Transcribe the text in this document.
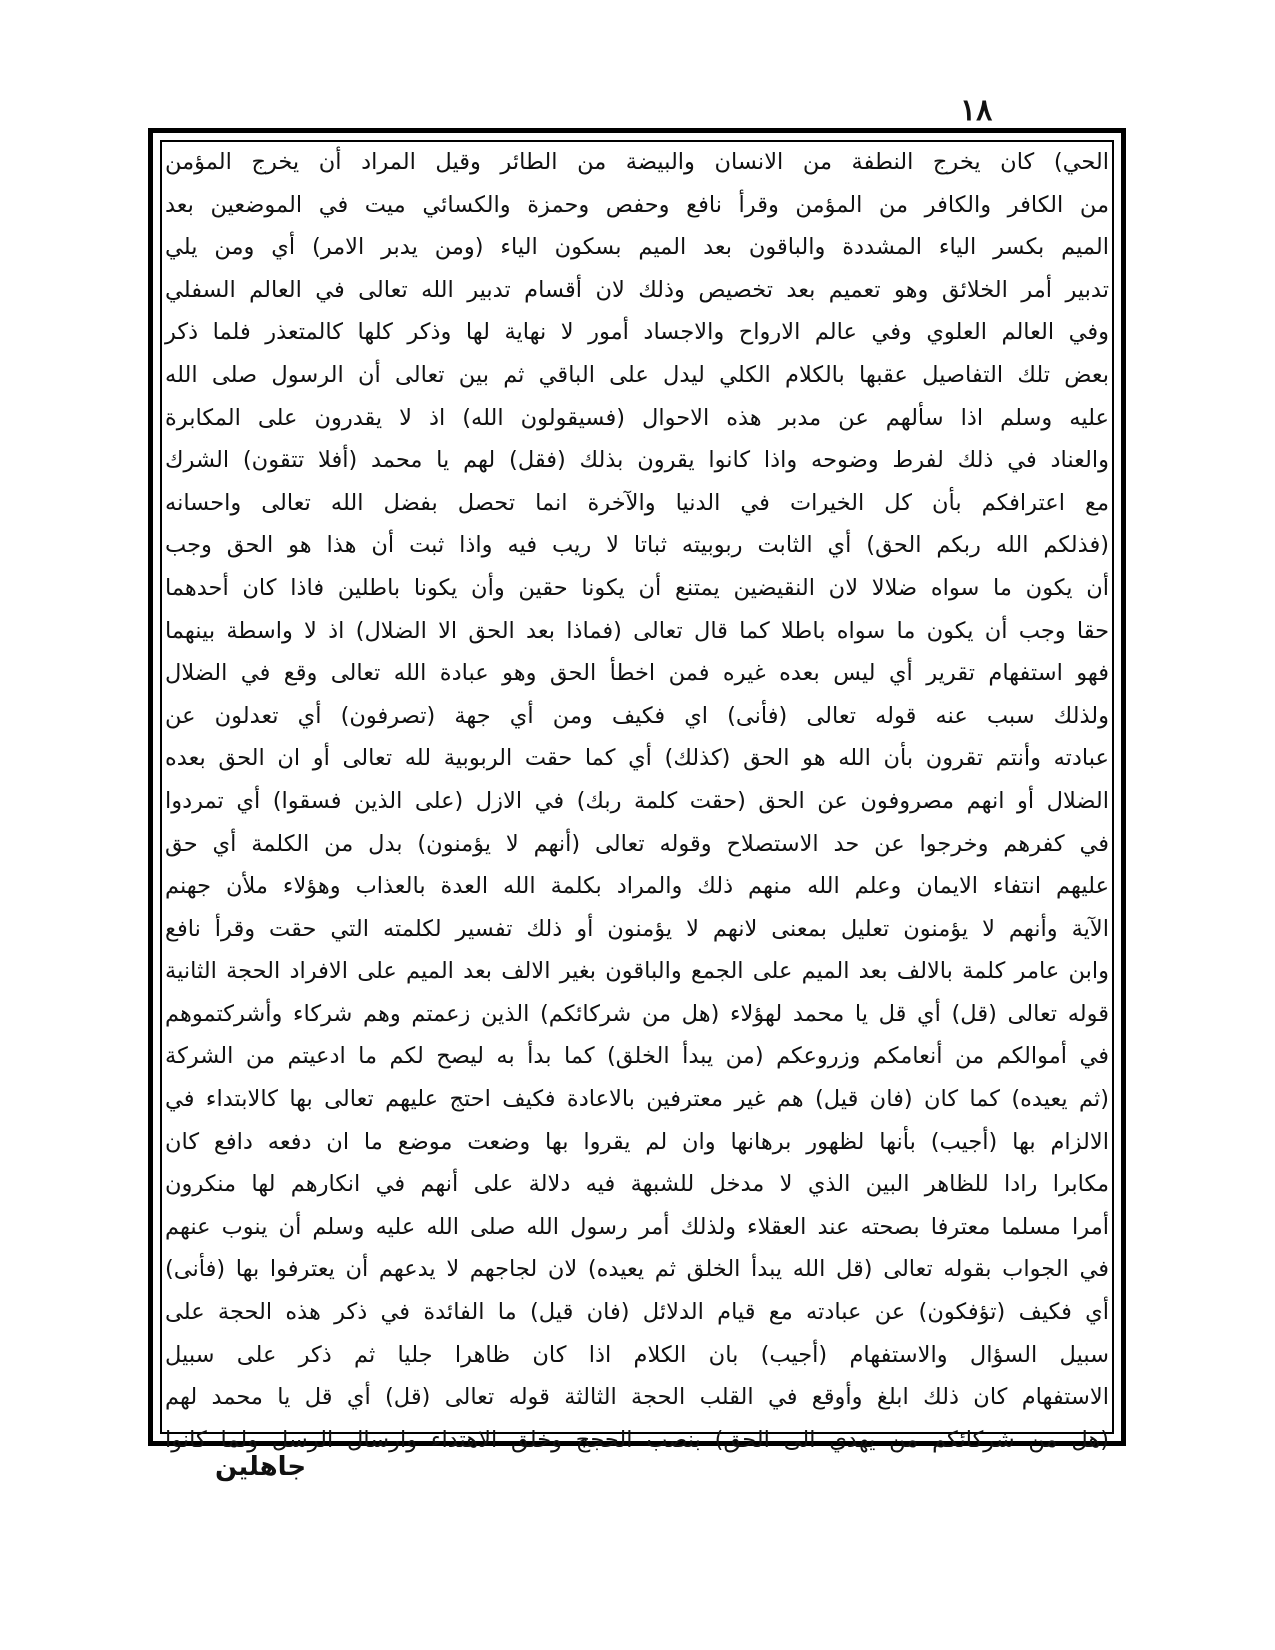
١٨
الحي) كان يخرج النطفة من الانسان والبيضة من الطائر وقيل المراد أن يخرج المؤمن
من الكافر والكافر من المؤمن وقرأ نافع وحفص وحمزة والكسائي ميت في الموضعين بعد
الميم بكسر الياء المشددة والباقون بعد الميم بسكون الياء (ومن يدبر الامر) أي ومن يلي
تدبير أمر الخلائق وهو تعميم بعد تخصيص وذلك لان أقسام تدبير الله تعالى في العالم السفلي
وفي العالم العلوي وفي عالم الارواح والاجساد أمور لا نهاية لها وذكر كلها كالمتعذر فلما ذكر
بعض تلك التفاصيل عقبها بالكلام الكلي ليدل على الباقي ثم بين تعالى أن الرسول صلى الله
عليه وسلم اذا سألهم عن مدبر هذه الاحوال (فسيقولون الله) اذ لا يقدرون على المكابرة
والعناد في ذلك لفرط وضوحه واذا كانوا يقرون بذلك (فقل) لهم يا محمد (أفلا تتقون) الشرك
مع اعترافكم بأن كل الخيرات في الدنيا والآخرة انما تحصل بفضل الله تعالى واحسانه
(فذلكم الله ربكم الحق) أي الثابت ربوبيته ثباتا لا ريب فيه واذا ثبت أن هذا هو الحق وجب
أن يكون ما سواه ضلالا لان النقيضين يمتنع أن يكونا حقين وأن يكونا باطلين فاذا كان أحدهما
حقا وجب أن يكون ما سواه باطلا كما قال تعالى (فماذا بعد الحق الا الضلال) اذ لا واسطة بينهما
فهو استفهام تقرير أي ليس بعده غيره فمن اخطأ الحق وهو عبادة الله تعالى وقع في الضلال
ولذلك سبب عنه قوله تعالى (فأنى) اي فكيف ومن أي جهة (تصرفون) أي تعدلون عن
عبادته وأنتم تقرون بأن الله هو الحق (كذلك) أي كما حقت الربوبية لله تعالى أو ان الحق بعده
الضلال أو انهم مصروفون عن الحق (حقت كلمة ربك) في الازل (على الذين فسقوا) أي تمردوا
في كفرهم وخرجوا عن حد الاستصلاح وقوله تعالى (أنهم لا يؤمنون) بدل من الكلمة أي حق
عليهم انتفاء الايمان وعلم الله منهم ذلك والمراد بكلمة الله العدة بالعذاب وهؤلاء ملأن جهنم
الآية وأنهم لا يؤمنون تعليل بمعنى لانهم لا يؤمنون أو ذلك تفسير لكلمته التي حقت وقرأ نافع
وابن عامر كلمة بالالف بعد الميم على الجمع والباقون بغير الالف بعد الميم على الافراد الحجة الثانية
قوله تعالى (قل) أي قل يا محمد لهؤلاء (هل من شركائكم) الذين زعمتم وهم شركاء وأشركتموهم
في أموالكم من أنعامكم وزروعكم (من يبدأ الخلق) كما بدأ به ليصح لكم ما ادعيتم من الشركة
(ثم يعيده) كما كان (فان قيل) هم غير معترفين بالاعادة فكيف احتج عليهم تعالى بها كالابتداء في
الالزام بها (أجيب) بأنها لظهور برهانها وان لم يقروا بها وضعت موضع ما ان دفعه دافع كان
مكابرا رادا للظاهر البين الذي لا مدخل للشبهة فيه دلالة على أنهم في انكارهم لها منكرون
أمرا مسلما معترفا بصحته عند العقلاء ولذلك أمر رسول الله صلى الله عليه وسلم أن ينوب عنهم
في الجواب بقوله تعالى (قل الله يبدأ الخلق ثم يعيده) لان لجاجهم لا يدعهم أن يعترفوا بها (فأنى)
أي فكيف (تؤفكون) عن عبادته مع قيام الدلائل (فان قيل) ما الفائدة في ذكر هذه الحجة على
سبيل السؤال والاستفهام (أجيب) بان الكلام اذا كان ظاهرا جليا ثم ذكر على سبيل
الاستفهام كان ذلك ابلغ وأوقع في القلب الحجة الثالثة قوله تعالى (قل) أي قل يا محمد لهم
(هل من شركائكم من يهدي الى الحق) بنصب الحجج وخلق الاهتداء وارسال الرسل ولما كانوا
جاهلين
